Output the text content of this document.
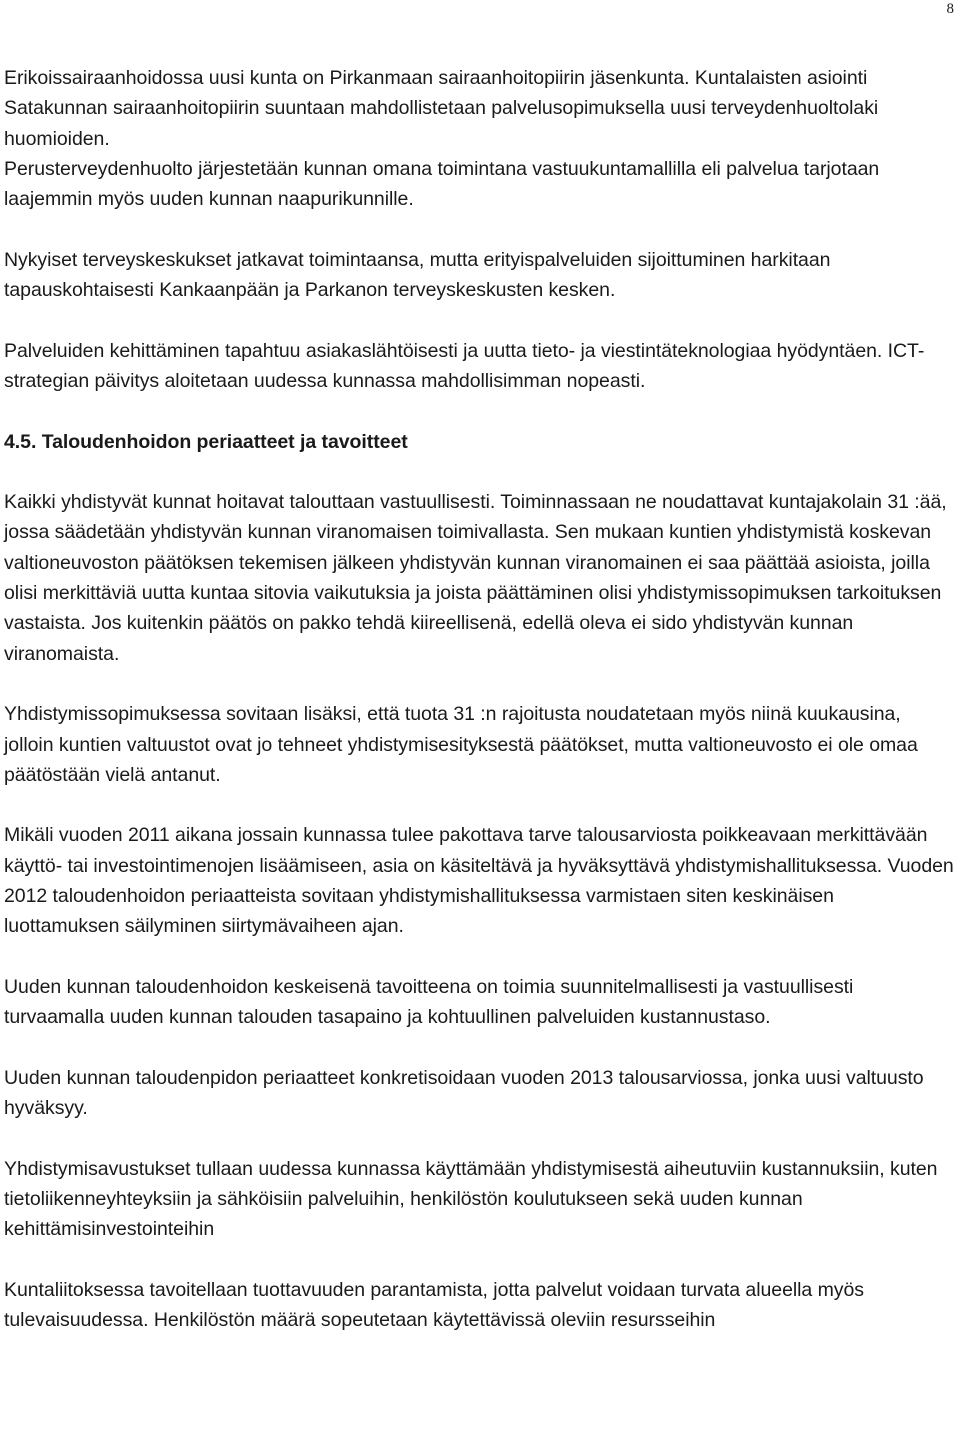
8

Erikoissairaanhoidossa uusi kunta on Pirkanmaan sairaanhoitopiirin jäsenkunta. Kuntalaisten asiointi Satakunnan sairaanhoitopiirin suuntaan mahdollistetaan palvelusopimuksella uusi terveydenhuoltolaki huomioiden.

Perusterveydenhuolto järjestetään kunnan omana toimintana vastuukuntamallilla eli palvelua tarjotaan laajemmin myös uuden kunnan naapurikunnille.

Nykyiset terveyskeskukset jatkavat toimintaansa, mutta erityispalveluiden sijoittuminen harkitaan tapauskohtaisesti Kankaanpään ja Parkanon terveyskeskusten kesken.

Palveluiden kehittäminen tapahtuu asiakaslähtöisesti ja uutta tieto- ja viestintäteknologiaa hyödyntäen. ICT-strategian päivitys aloitetaan uudessa kunnassa mahdollisimman nopeasti.

4.5. Taloudenhoidon periaatteet ja tavoitteet

Kaikki yhdistyvät kunnat hoitavat talouttaan vastuullisesti. Toiminnassaan ne noudattavat kuntajakolain 31 :ää, jossa säädetään yhdistyvän kunnan viranomaisen toimivallasta. Sen mukaan kuntien yhdistymistä koskevan valtioneuvoston päätöksen tekemisen jälkeen yhdistyvän kunnan viranomainen ei saa päättää asioista, joilla olisi merkittäviä uutta kuntaa sitovia vaikutuksia ja joista päättäminen olisi yhdistymissopimuksen tarkoituksen vastaista. Jos kuitenkin päätös on pakko tehdä kiireellisenä, edellä oleva ei sido yhdistyvän kunnan viranomaista.

Yhdistymissopimuksessa sovitaan lisäksi, että tuota 31 :n rajoitusta noudatetaan myös niinä kuukausina, jolloin kuntien valtuustot ovat jo tehneet yhdistymisesityksestä päätökset, mutta valtioneuvosto ei ole omaa päätöstään vielä antanut.

Mikäli vuoden 2011 aikana jossain kunnassa tulee pakottava tarve talousarviosta poikkeavaan merkittävään käyttö- tai investointimenojen lisäämiseen, asia on käsiteltävä ja hyväksyttävä yhdistymishallituksessa. Vuoden 2012 taloudenhoidon periaatteista sovitaan yhdistymishallituksessa varmistaen siten keskinäisen luottamuksen säilyminen siirtymävaiheen ajan.

Uuden kunnan taloudenhoidon keskeisenä tavoitteena on toimia suunnitelmallisesti ja vastuullisesti turvaamalla uuden kunnan talouden tasapaino ja kohtuullinen palveluiden kustannustaso.

Uuden kunnan taloudenpidon periaatteet konkretisoidaan vuoden 2013 talousarviossa, jonka uusi valtuusto hyväksyy.

Yhdistymisavustukset tullaan uudessa kunnassa käyttämään yhdistymisestä aiheutuviin kustannuksiin, kuten tietoliikenneyhteyksiin ja sähköisiin palveluihin, henkilöstön koulutukseen sekä uuden kunnan kehittämisinvestointeihin

Kuntaliitoksessa tavoitellaan tuottavuuden parantamista, jotta palvelut voidaan turvata alueella myös tulevaisuudessa. Henkilöstön määrä sopeutetaan käytettävissä oleviin resursseihin
